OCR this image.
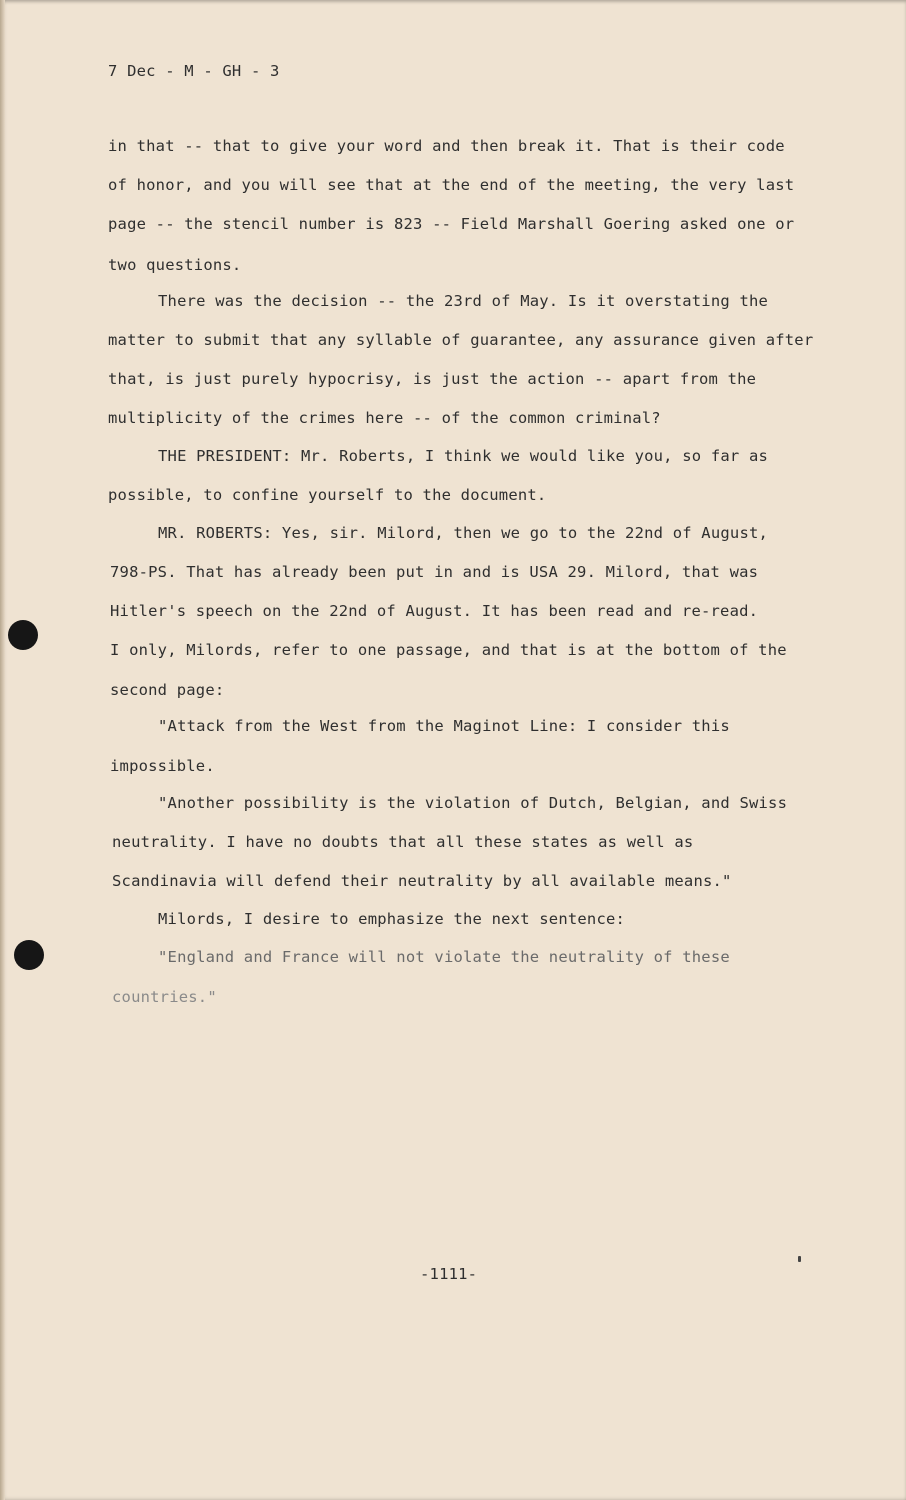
7 Dec - M - GH - 3
in that -- that to give your word and then break it. That is their code
of honor, and you will see that at the end of the meeting, the very last
page -- the stencil number is 823 -- Field Marshall Goering asked one or
two questions.
There was the decision -- the 23rd of May. Is it overstating the
matter to submit that any syllable of guarantee, any assurance given after
that, is just purely hypocrisy, is just the action -- apart from the
multiplicity of the crimes here -- of the common criminal?
THE PRESIDENT: Mr. Roberts, I think we would like you, so far as
possible, to confine yourself to the document.
MR. ROBERTS: Yes, sir. Milord, then we go to the 22nd of August,
798-PS. That has already been put in and is USA 29. Milord, that was
Hitler's speech on the 22nd of August. It has been read and re-read.
I only, Milords, refer to one passage, and that is at the bottom of the
second page:
"Attack from the West from the Maginot Line: I consider this
impossible.
"Another possibility is the violation of Dutch, Belgian, and Swiss
neutrality. I have no doubts that all these states as well as
Scandinavia will defend their neutrality by all available means."
Milords, I desire to emphasize the next sentence:
"England and France will not violate the neutrality of these
countries."
-1111-
